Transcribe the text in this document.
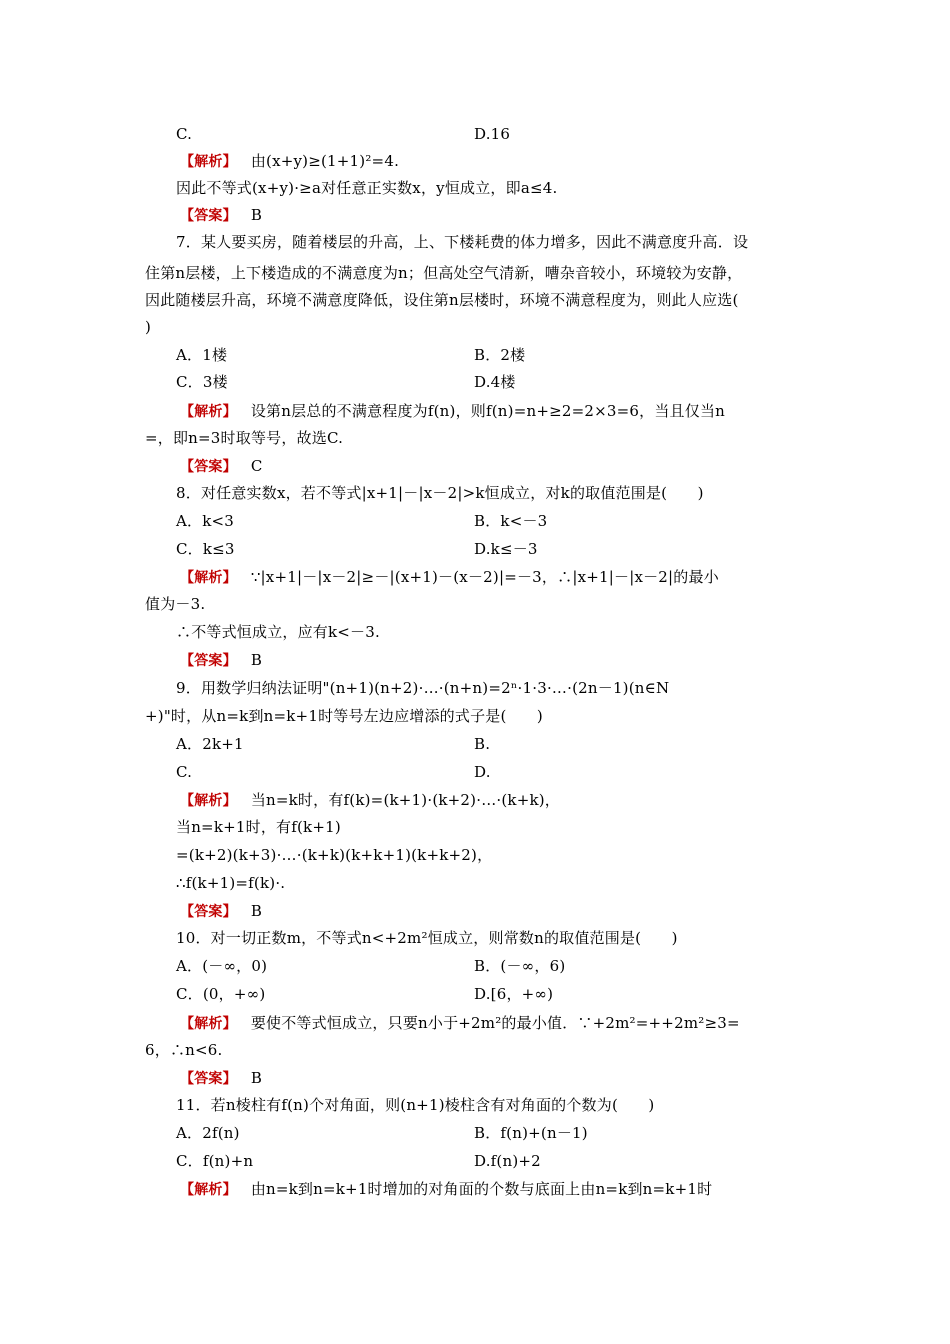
C.	D.16
【解析】 由(x+y)≥(1+1)²=4.
因此不等式(x+y)·≥a对任意正实数x，y恒成立，即a≤4.
【答案】 B
7．某人要买房，随着楼层的升高，上、下楼耗费的体力增多，因此不满意度升高．设
住第n层楼，上下楼造成的不满意度为n；但高处空气清新，嘈杂音较小，环境较为安静，
因此随楼层升高，环境不满意度降低，设住第n层楼时，环境不满意程度为，则此人应选(
)
A．1楼	B．2楼
C．3楼	D.4楼
【解析】 设第n层总的不满意程度为f(n)，则f(n)=n+≥2=2×3=6，当且仅当n
=，即n=3时取等号，故选C.
【答案】 C
8．对任意实数x，若不等式|x+1|－|x－2|>k恒成立，对k的取值范围是(　　)
A．k<3	B．k<－3
C．k≤3	D.k≤－3
【解析】 ∵|x+1|－|x－2|≥－|(x+1)－(x－2)|=－3，∴|x+1|－|x－2|的最小
值为－3.
∴不等式恒成立，应有k<－3.
【答案】 B
9．用数学归纳法证明"(n+1)(n+2)·…·(n+n)=2ⁿ·1·3·…·(2n－1)(n∈N
+)"时，从n=k到n=k+1时等号左边应增添的式子是(　　)
A．2k+1	B.
C.	D.
【解析】 当n=k时，有f(k)=(k+1)·(k+2)·…·(k+k)，
当n=k+1时，有f(k+1)
=(k+2)(k+3)·…·(k+k)(k+k+1)(k+k+2)，
∴f(k+1)=f(k)·.
【答案】 B
10．对一切正数m，不等式n<+2m²恒成立，则常数n的取值范围是(　　)
A．(－∞，0)	B．(－∞，6)
C．(0，+∞)	D.[6，+∞)
【解析】 要使不等式恒成立，只要n小于+2m²的最小值．∵+2m²=++2m²≥3=
6，∴n<6.
【答案】 B
11．若n棱柱有f(n)个对角面，则(n+1)棱柱含有对角面的个数为(　　)
A．2f(n)	B．f(n)+(n－1)
C．f(n)+n	D.f(n)+2
【解析】 由n=k到n=k+1时增加的对角面的个数与底面上由n=k到n=k+1时
